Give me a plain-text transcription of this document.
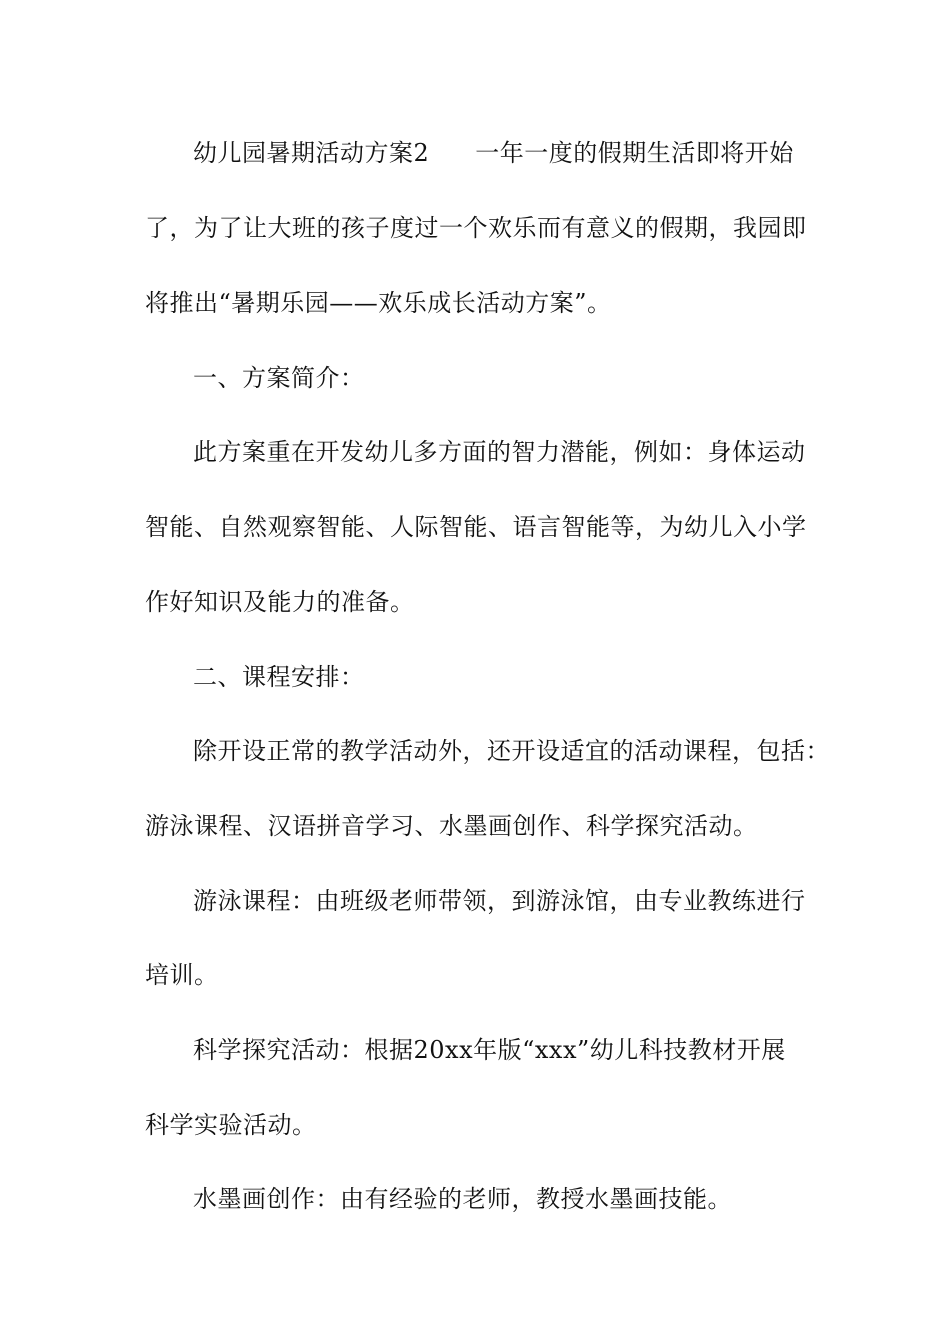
幼儿园暑期活动方案2 一年一度的假期生活即将开始
了，为了让大班的孩子度过一个欢乐而有意义的假期，我园即
将推出“暑期乐园——欢乐成长活动方案”。
一、方案简介：
此方案重在开发幼儿多方面的智力潜能，例如：身体运动
智能、自然观察智能、人际智能、语言智能等，为幼儿入小学
作好知识及能力的准备。
二、课程安排：
除开设正常的教学活动外，还开设适宜的活动课程，包括：
游泳课程、汉语拼音学习、水墨画创作、科学探究活动。
游泳课程：由班级老师带领，到游泳馆，由专业教练进行
培训。
科学探究活动：根据20xx年版“xxx”幼儿科技教材开展
科学实验活动。
水墨画创作：由有经验的老师，教授水墨画技能。
